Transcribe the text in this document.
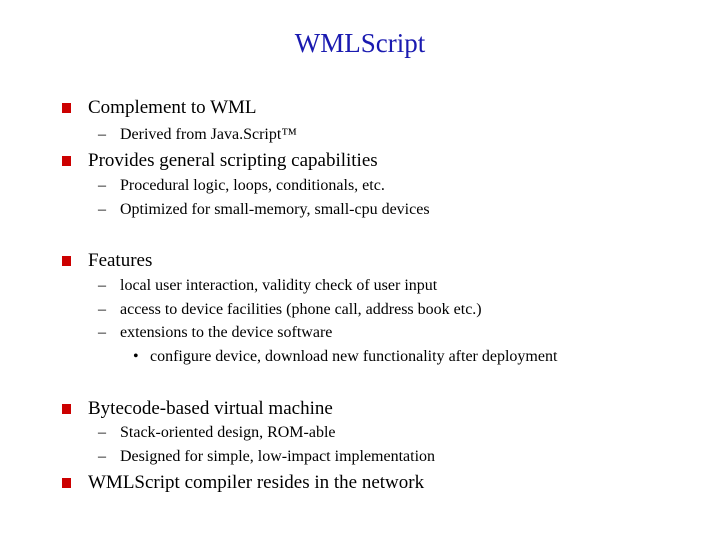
WMLScript
Complement to WML
– Derived from Java.Script™
Provides general scripting capabilities
– Procedural logic, loops, conditionals, etc.
– Optimized for small-memory, small-cpu devices
Features
– local user interaction, validity check of user input
– access to device facilities (phone call, address book etc.)
– extensions to the device software
• configure device, download new functionality after deployment
Bytecode-based virtual machine
– Stack-oriented design, ROM-able
– Designed for simple, low-impact implementation
WMLScript compiler resides in the network
